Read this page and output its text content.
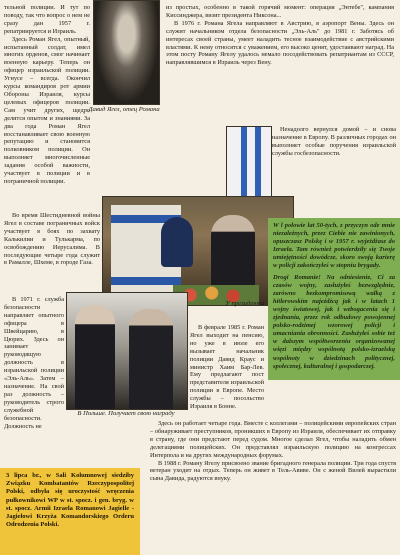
тельной полиции. И тут по поводу, так что вопрос о нем не сразу дан 1957 г. репатриируется и Израиль.

Здесь Роман Ягел, опытный, испытанный солдат, имел многих орденов, смог начинает военную карьеру. Теперь он офицер израильской полиции. Угнусе – всегда. Окончил курсы командиров рот армии Обороны Израиля, курсы целевых офицеров полиции. Сам учит других, щедро делится опытом и знаниями. За два года Роман Ягел восстанавливает свою военную репутацию и становится полковником полиции. Он выполняет многочисленные задания особой важности, участвует в полиции и в пограничной полиции.

Во время Шестидневной войны Ягел в составе пограничных войск участвует в боях по захвату Калькилии и Тулькарма, по освобождению Иерусалима. В последующие четыре года служит в Рамалле, Шхеме, в городе Газа.

В 1971 г. служба безопасности направляет опытного офицера в Швейцарию, в Цюрих. Здесь он занимает руководящую должность в израильской полиции «Эль-Аль». Затем – назначение. На свой раз должность – руководитель строго служебной безопасности. Должность не

Давид Ягел, отец Романа

из простых, особенно в такой горячий момент: операция „Энтебе", кампания Киссинджера, визит президента Никсона...

В 1976 г. Романа Ягела направляют в Австрию, в аэропорт Вены. Здесь он служит начальником отдела безопасности „Эль-Аль" до 1981 г. Заботясь об интересах своей страны, умеет наладить тесное взаимодействие с австрийскими властями. К нему относятся с уважением, его высоко ценят, удостаивают наград. На этом посту Роману Ягелу удалось немало посодействовать репатриантам из СССР, направлявшимся в Израиль через Вену.

Ненадолго вернулся домой – и снова назначение в Европу. В различных городах он выполняет особые поручения израильской службы госбезопасности.

У президента

W l połowie lat 50-tych, z przyczyn ode mnie niezależnych, przez Ciebie nie zawinionych, opuszczasz Polskę i w 1957 r. wyjeżdżasz do Izraela. Tam również potwierdziły się Twoje umiejętności dowódcze, skoro swoją karierę w policji zakończyłeś w stopniu brygady.

Drogi Romanie! Na odniesienie, Ci za czasów wojny, zasłużyłeś bezwzględnie, zarówno bezkompromisową walką z hitlerowskim najeźdźcą jak i w latach 1 wojny światowej, jak i wzbogacenia się i zjednania, przez rok odbudowy powojennej polsko-rodzimej wzorowej policji i umacniania obronności. Zasłużyłeś sobie też w dalszym współtworzeniu organizowanej więzi między wspólnotą polsko-izraelską wspólnoty w dziedzinach politycznej, społecznej, kulturalnej i gospodarczej.

В Польше. Получает свою награду

В феврале 1985 г. Роман Ягел выходит на пенсию, но уже в июле его вызывает начальник полиции Давид Краус и министр Хаим Бар-Лев. Ему предлагают пост представителя израильской полиции в Европе. Место службы – посольство Израиля в Бонне.

Здесь он работает четыре года. Вместе с коллегами – полицейскими европейских стран – обнаруживает преступников, проникших в Европу из Израиля, обеспечивает их отправку в страну, где они предстают перед судом. Многое сделал Ягел, чтобы наладить обмен делегациями полицейских. Он представлял израильскую полицию на конгрессах Интерпола и на других международных форумах.

В 1988 г. Роману Ягелу присвоено звание бригадного генерала полиции. Три года спустя ветеран уходит на отдых. Теперь он живет в Тель-Авиве. Он с женой Вилей вырастили сына Давида, радуются внуку.

3 lipca br., w Sali Kolumnowej siedziby Związku Kombatantów Rzeczypospolitej Polski, odbyła się uroczystość wręczenia pułkownikowi WP w st. spocz. i gen. bryg. w st. spocz. Armii Izraela Romanowi Jagielle - Jagiełowi Krzyża Komandorskiego Orderu Odrodzenia Polski.
